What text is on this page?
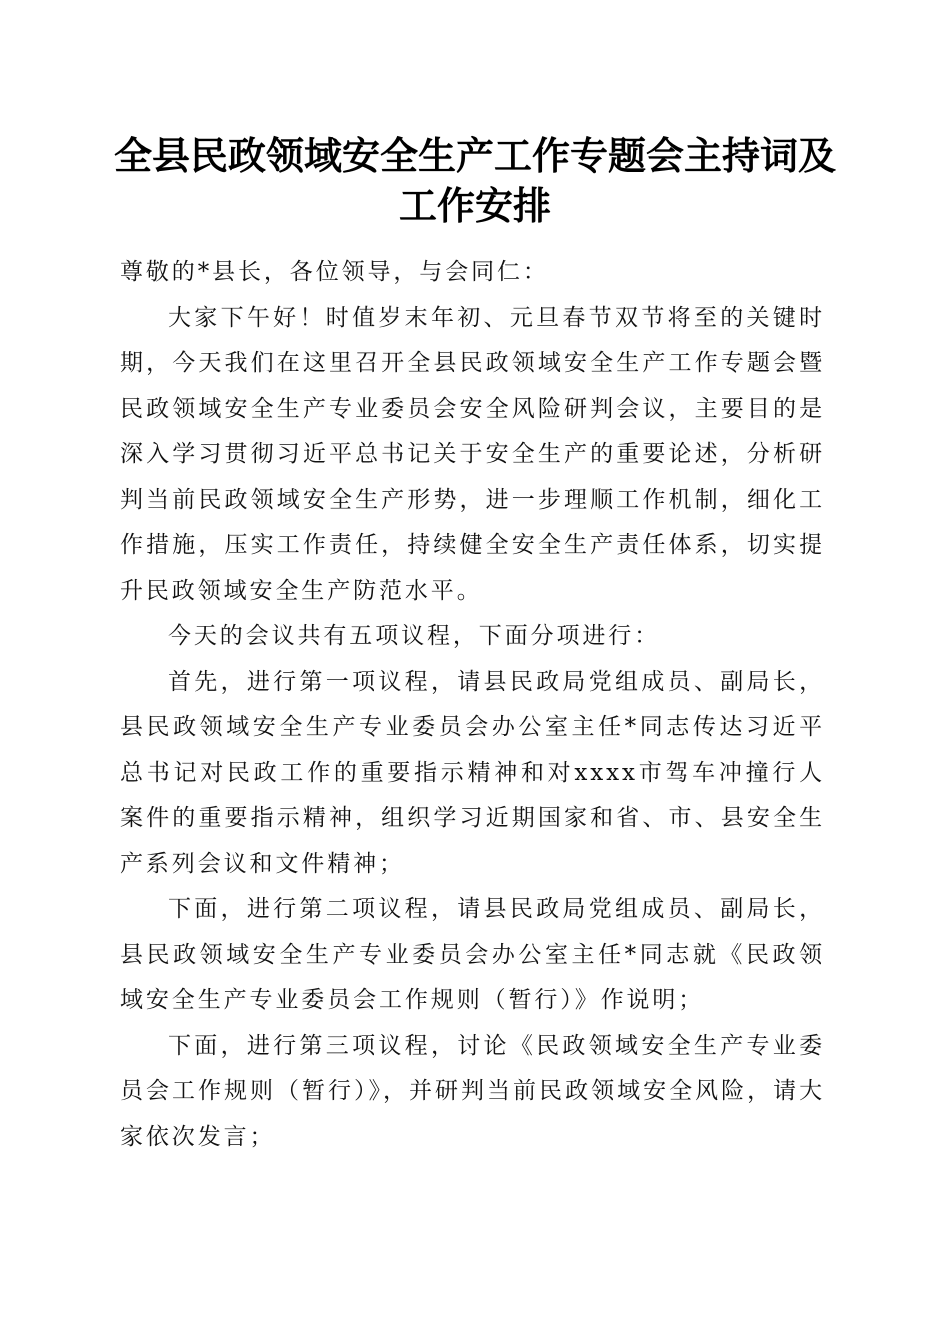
全县民政领域安全生产工作专题会主持词及工作安排

尊敬的*县长，各位领导，与会同仁：

大家下午好！时值岁末年初、元旦春节双节将至的关键时期，今天我们在这里召开全县民政领域安全生产工作专题会暨民政领域安全生产专业委员会安全风险研判会议，主要目的是深入学习贯彻习近平总书记关于安全生产的重要论述，分析研判当前民政领域安全生产形势，进一步理顺工作机制，细化工作措施，压实工作责任，持续健全安全生产责任体系，切实提升民政领域安全生产防范水平。

今天的会议共有五项议程，下面分项进行：

首先，进行第一项议程，请县民政局党组成员、副局长，县民政领域安全生产专业委员会办公室主任*同志传达习近平总书记对民政工作的重要指示精神和对xxxx市驾车冲撞行人案件的重要指示精神，组织学习近期国家和省、市、县安全生产系列会议和文件精神；

下面，进行第二项议程，请县民政局党组成员、副局长，县民政领域安全生产专业委员会办公室主任*同志就《民政领域安全生产专业委员会工作规则（暂行）》作说明；

下面，进行第三项议程，讨论《民政领域安全生产专业委员会工作规则（暂行）》，并研判当前民政领域安全风险，请大家依次发言；
